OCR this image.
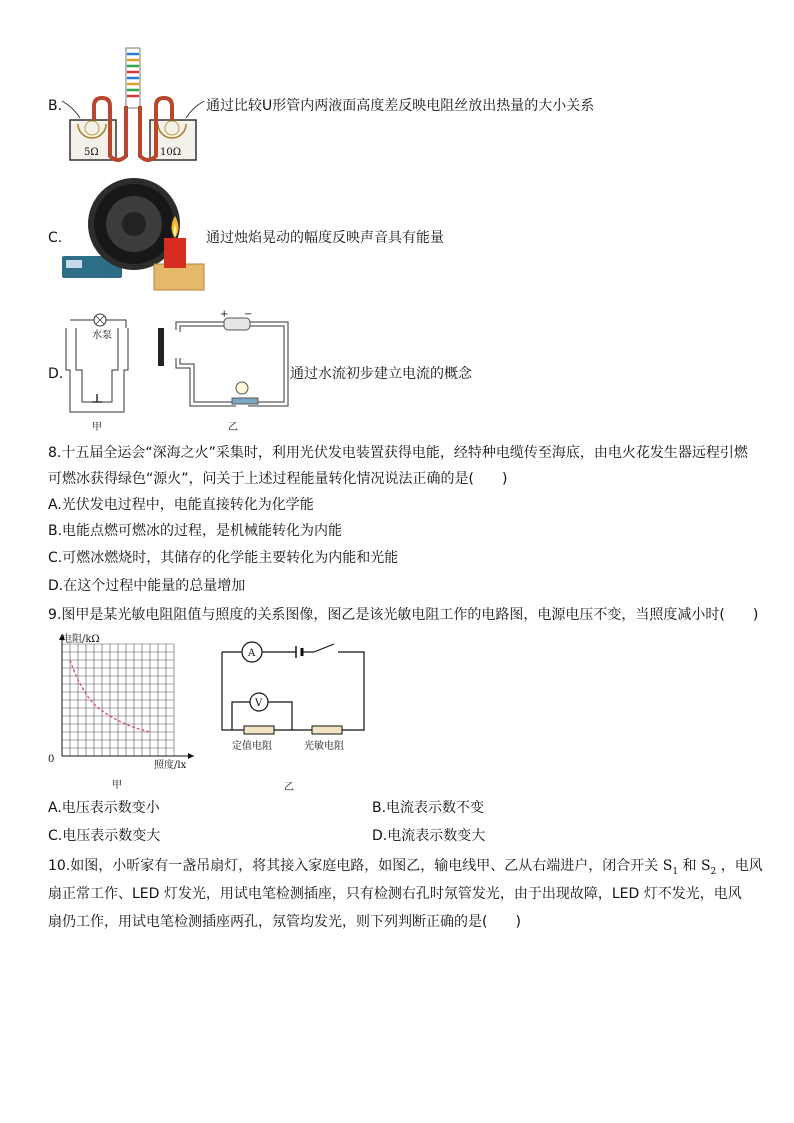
B.
5Ω	10Ω
通过比较U形管内两液面高度差反映电阻丝放出热量的大小关系
C.	通过烛焰晃动的幅度反映声音具有能量
D.
水泵
甲
+ −
乙
通过水流初步建立电流的概念
8.十五届全运会“深海之火”采集时，利用光伏发电装置获得电能，经特种电缆传至海底，由电火花发生器远程引燃
可燃冰获得绿色“源火”，问关于上述过程能量转化情况说法正确的是(　　)
A.光伏发电过程中，电能直接转化为化学能
B.电能点燃可燃冰的过程，是机械能转化为内能
C.可燃冰燃烧时，其储存的化学能主要转化为内能和光能
D.在这个过程中能量的总量增加
9.图甲是某光敏电阻阻值与照度的关系图像，图乙是该光敏电阻工作的电路图，电源电压不变，当照度减小时(　　)
电阻/kΩ
0
照度/lx
甲
A
V
定值电阻	光敏电阻
乙
A.电压表示数变小	B.电流表示数不变
C.电压表示数变大	D.电流表示数变大
10.如图，小昕家有一盏吊扇灯，将其接入家庭电路，如图乙，输电线甲、乙从右端进户，闭合开关 $S_1$ 和 $S_2$ ，电风
扇正常工作、LED 灯发光，用试电笔检测插座，只有检测右孔时氖管发光，由于出现故障，LED 灯不发光，电风
扇仍工作，用试电笔检测插座两孔，氖管均发光，则下列判断正确的是(　　)
